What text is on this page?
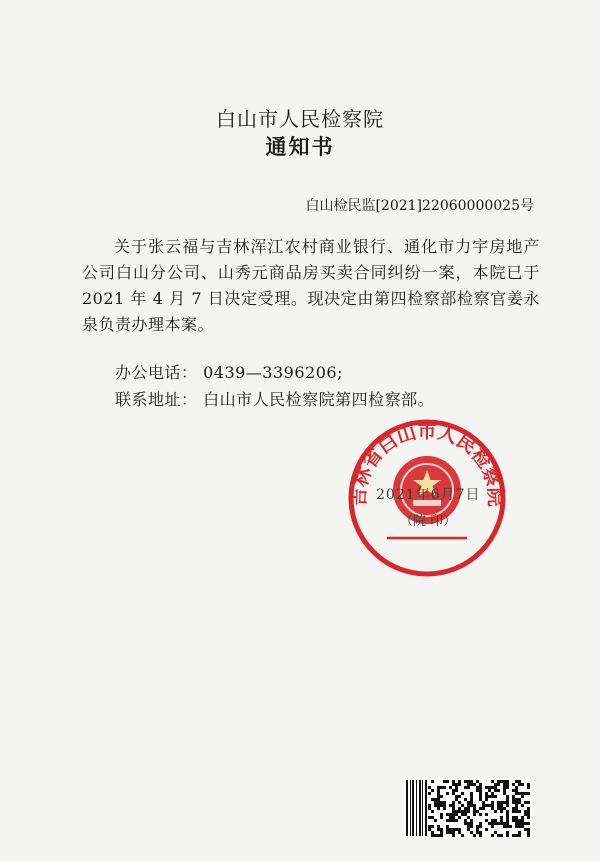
白山市人民检察院
通知书
白山检民监[2021]22060000025号

关于张云福与吉林浑江农村商业银行、通化市力宇房地产公司白山分公司、山秀元商品房买卖合同纠纷一案，本院已于 2021 年 4 月 7 日决定受理。现决定由第四检察部检察官姜永泉负责办理本案。

办公电话： 0439—3396206;
联系地址： 白山市人民检察院第四检察部。
吉林省白山市人民检察院
2021年6月7日
（院 印）
